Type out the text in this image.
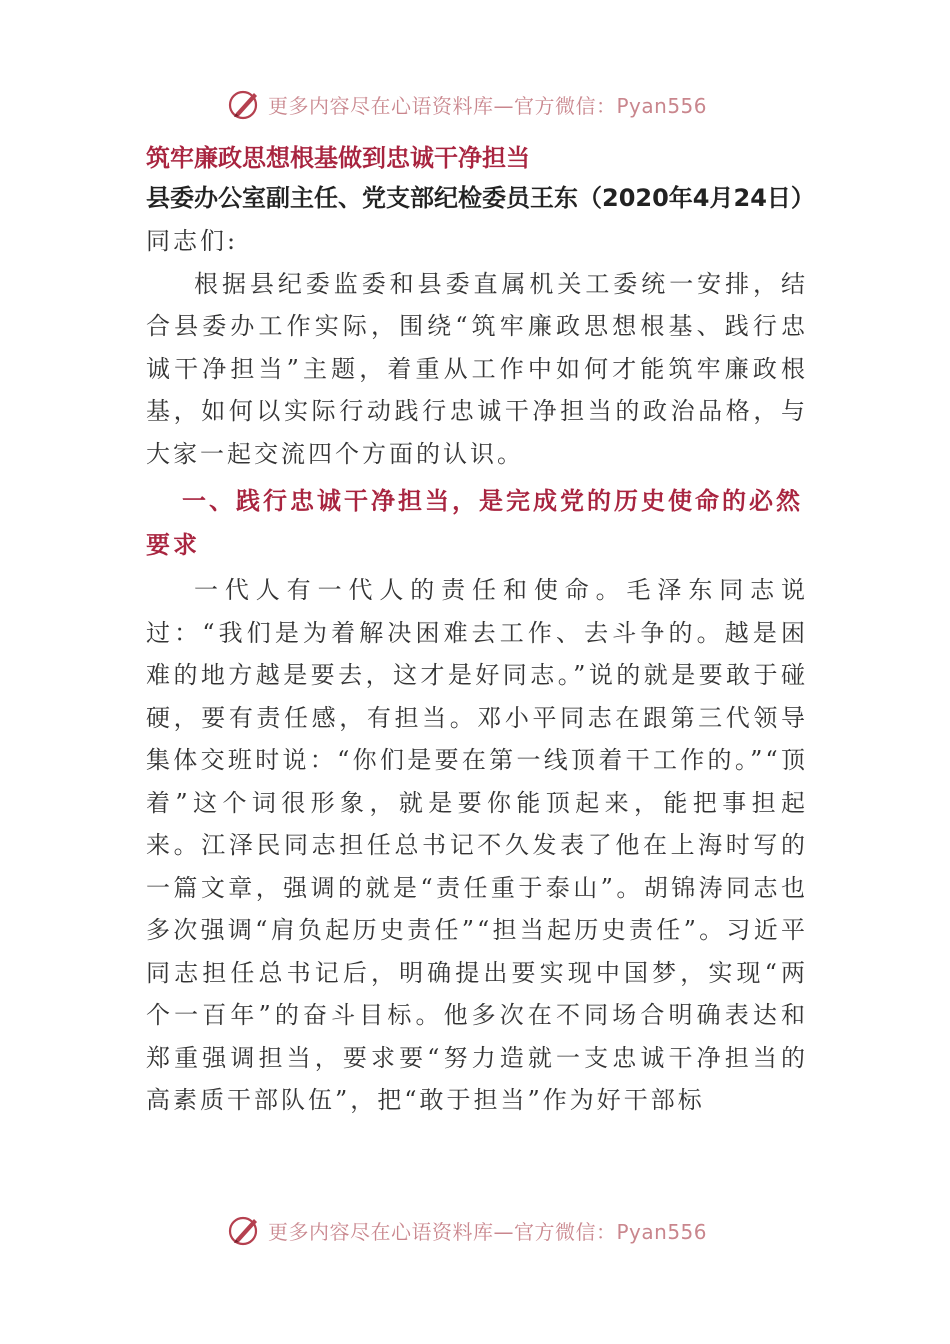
更多内容尽在心语资料库—官方微信：Pyan556

筑牢廉政思想根基做到忠诚干净担当

县委办公室副主任、党支部纪检委员王东（2020年4月24日）

同志们:

根据县纪委监委和县委直属机关工委统一安排，结合县委办工作实际，围绕“筑牢廉政思想根基、践行忠诚干净担当”主题，着重从工作中如何才能筑牢廉政根基，如何以实际行动践行忠诚干净担当的政治品格，与大家一起交流四个方面的认识。

一、践行忠诚干净担当，是完成党的历史使命的必然要求

一代人有一代人的责任和使命。毛泽东同志说过：“我们是为着解决困难去工作、去斗争的。越是困难的地方越是要去，这才是好同志。”说的就是要敢于碰硬，要有责任感，有担当。邓小平同志在跟第三代领导集体交班时说：“你们是要在第一线顶着干工作的。”“顶着”这个词很形象，就是要你能顶起来，能把事担起来。江泽民同志担任总书记不久发表了他在上海时写的一篇文章，强调的就是“责任重于泰山”。胡锦涛同志也多次强调“肩负起历史责任”“担当起历史责任”。习近平同志担任总书记后，明确提出要实现中国梦，实现“两个一百年”的奋斗目标。他多次在不同场合明确表达和郑重强调担当，要求要“努力造就一支忠诚干净担当的高素质干部队伍”，把“敢于担当”作为好干部标

更多内容尽在心语资料库—官方微信：Pyan556
